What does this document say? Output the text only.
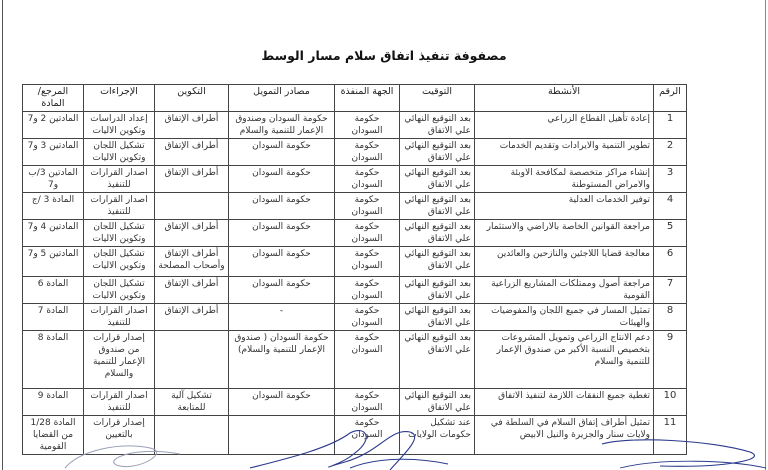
مصفوفة تنفيذ اتفاق سلام مسار الوسط
الرقم	الأنشطة	التوقيت	الجهة المنفذة	مصادر التمويل	التكوين	الإجراءات	المرجع/ المادة
1	إعادة تأهيل القطاع الزراعي	بعد التوقيع النهائي علي الاتفاق	حكومة السودان	حكومة السودان وصندوق الإعمار للتنمية والسلام	أطراف الإتفاق	إعداد الدراسات وتكوين الاليات	المادتين 2 و7
2	تطوير التنمية والايرادات وتقديم الخدمات	بعد التوقيع النهائي علي الاتفاق	حكومة السودان	حكومة السودان	أطراف الإتفاق	تشكيل اللجان وتكوين الاليات	المادتين 3 و7
3	إنشاء مراكز متخصصة لمكافحة الاوبئة والامراض المستوطنة	بعد التوقيع النهائي علي الاتفاق	حكومة السودان	حكومة السودان	أطراف الإتفاق	اصدار القرارات للتنفيذ	المادتين 3/ب و7
4	توفير الخدمات العدلية	بعد التوقيع النهائي علي الاتفاق	حكومة السودان	حكومة السودان		اصدار القرارات للتنفيذ	المادة 3 /ج
5	مراجعة القوانين الخاصة بالاراضي والاستثمار	بعد التوقيع النهائي علي الاتفاق	حكومة السودان	حكومة السودان	أطراف الإتفاق	تشكيل اللجان وتكوين الاليات	المادتين 4 و7
6	معالجة قضايا اللاجئين والنازحين والعائدين	بعد التوقيع النهائي علي الاتفاق	حكومة السودان	حكومة السودان	أطراف الإتفاق وأصحاب المصلحة	تشكيل اللجان وتكوين الاليات	المادتين 5 و7
7	مراجعة أصول وممتلكات المشاريع الزراعية القومية	بعد التوقيع النهائي علي الاتفاق	حكومة السودان	حكومة السودان	أطراف الإتفاق	تشكيل اللجان وتكوين الاليات	المادة 6
8	تمثيل المسار في جميع اللجان والمفوضيات والهيئات	بعد التوقيع النهائي علي الاتفاق	حكومة السودان	-	أطراف الإتفاق	اصدار القرارات للتنفيذ	المادة 7
9	دعم الانتاج الزراعي وتمويل المشروعات بتخصيص النسبة الأكبر من صندوق الإعمار للتنمية والسلام	بعد التوقيع النهائي علي الاتفاق	حكومة السودان	حكومة السودان ( صندوق الإعمار للتنمية والسلام)		إصدار قرارات من صندوق الإعمار للتنمية والسلام	المادة 8
10	تغطية جميع النفقات اللازمة لتنفيذ الاتفاق	بعد التوقيع النهائي علي الاتفاق	حكومة السودان	حكومة السودان	تشكيل آلية للمتابعة	اصدار القرارات للتنفيذ	المادة 9
11	تمثيل أطراف إتفاق السلام في السلطة في ولايات سنار والجزيرة والنيل الابيض	عند تشكيل حكومات الولايات	حكومة السودان			إصدار قرارات بالتعيين	المادة 1/28 من القضايا القومية
